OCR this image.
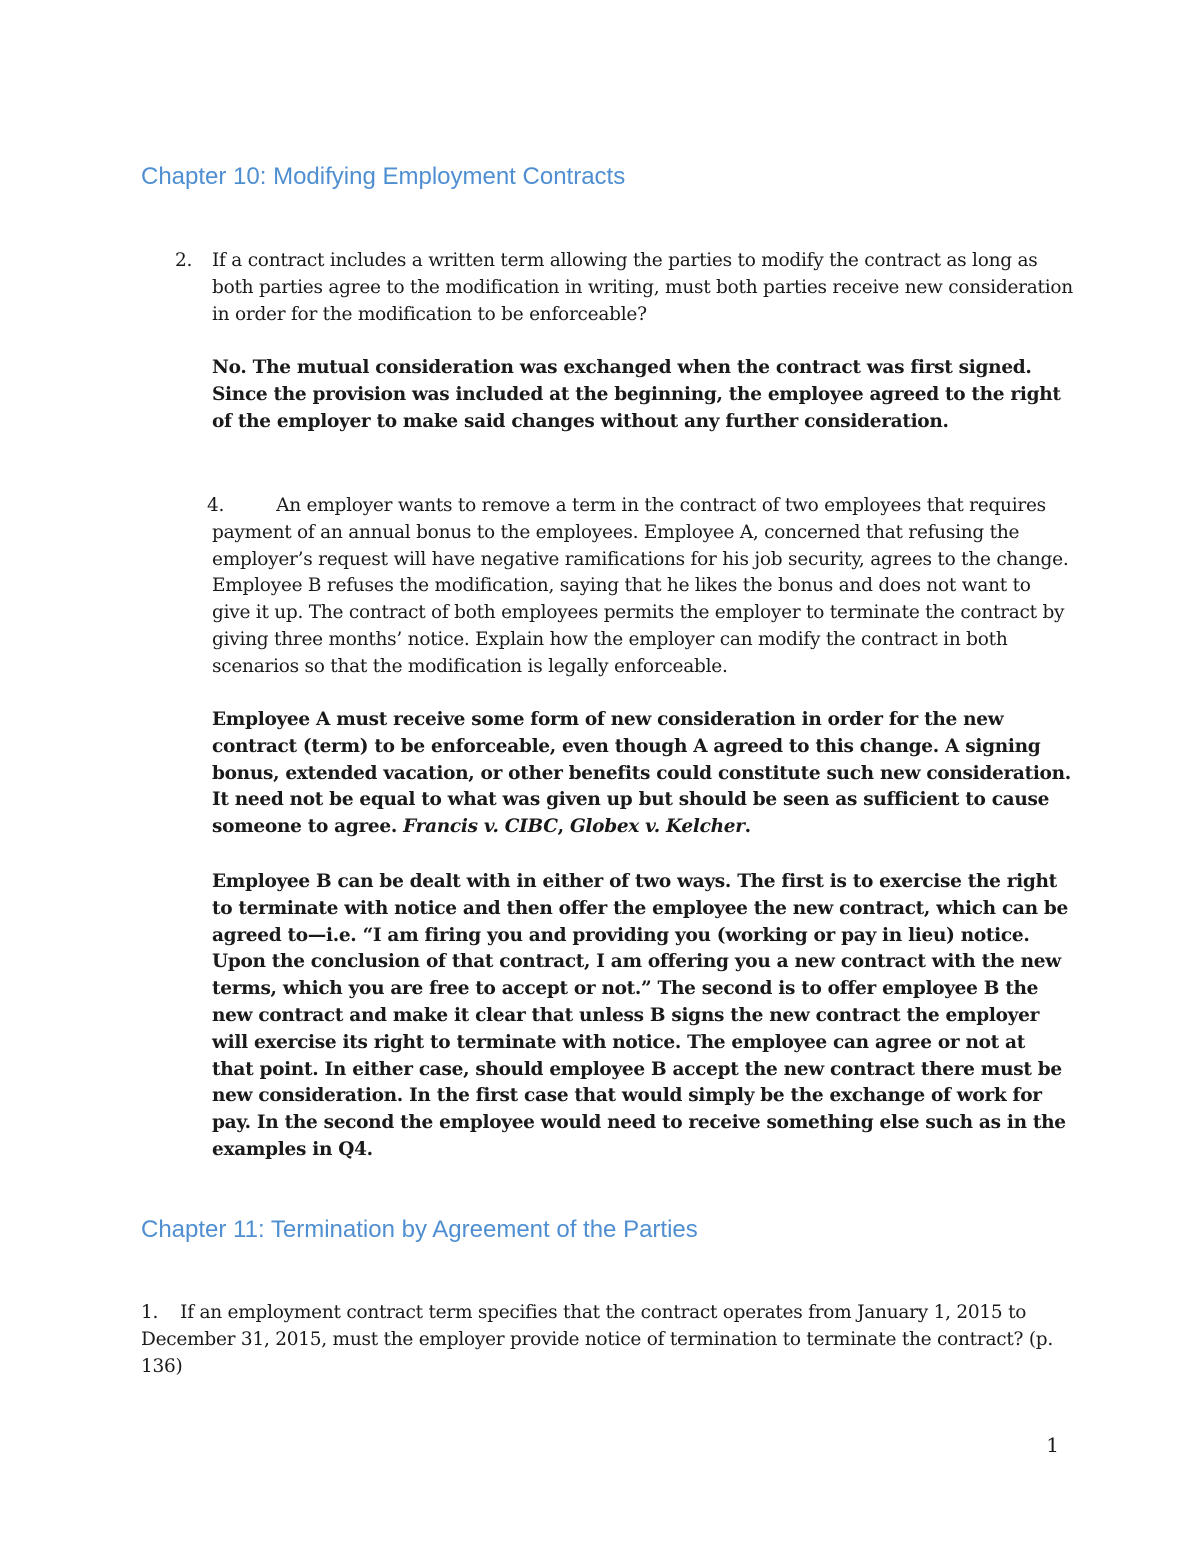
Chapter 10: Modifying Employment Contracts
2. If a contract includes a written term allowing the parties to modify the contract as long as both parties agree to the modification in writing, must both parties receive new consideration in order for the modification to be enforceable?

No. The mutual consideration was exchanged when the contract was first signed. Since the provision was included at the beginning, the employee agreed to the right of the employer to make said changes without any further consideration.

4.	An employer wants to remove a term in the contract of two employees that requires payment of an annual bonus to the employees. Employee A, concerned that refusing the employer’s request will have negative ramifications for his job security, agrees to the change. Employee B refuses the modification, saying that he likes the bonus and does not want to give it up. The contract of both employees permits the employer to terminate the contract by giving three months’ notice. Explain how the employer can modify the contract in both scenarios so that the modification is legally enforceable.

Employee A must receive some form of new consideration in order for the new contract (term) to be enforceable, even though A agreed to this change. A signing bonus, extended vacation, or other benefits could constitute such new consideration. It need not be equal to what was given up but should be seen as sufficient to cause someone to agree. Francis v. CIBC, Globex v. Kelcher.

Employee B can be dealt with in either of two ways. The first is to exercise the right to terminate with notice and then offer the employee the new contract, which can be agreed to—i.e. “I am firing you and providing you (working or pay in lieu) notice. Upon the conclusion of that contract, I am offering you a new contract with the new terms, which you are free to accept or not.” The second is to offer employee B the new contract and make it clear that unless B signs the new contract the employer will exercise its right to terminate with notice. The employee can agree or not at that point. In either case, should employee B accept the new contract there must be new consideration. In the first case that would simply be the exchange of work for pay. In the second the employee would need to receive something else such as in the examples in Q4.

Chapter 11: Termination by Agreement of the Parties
1. If an employment contract term specifies that the contract operates from January 1, 2015 to December 31, 2015, must the employer provide notice of termination to terminate the contract? (p. 136)
1
